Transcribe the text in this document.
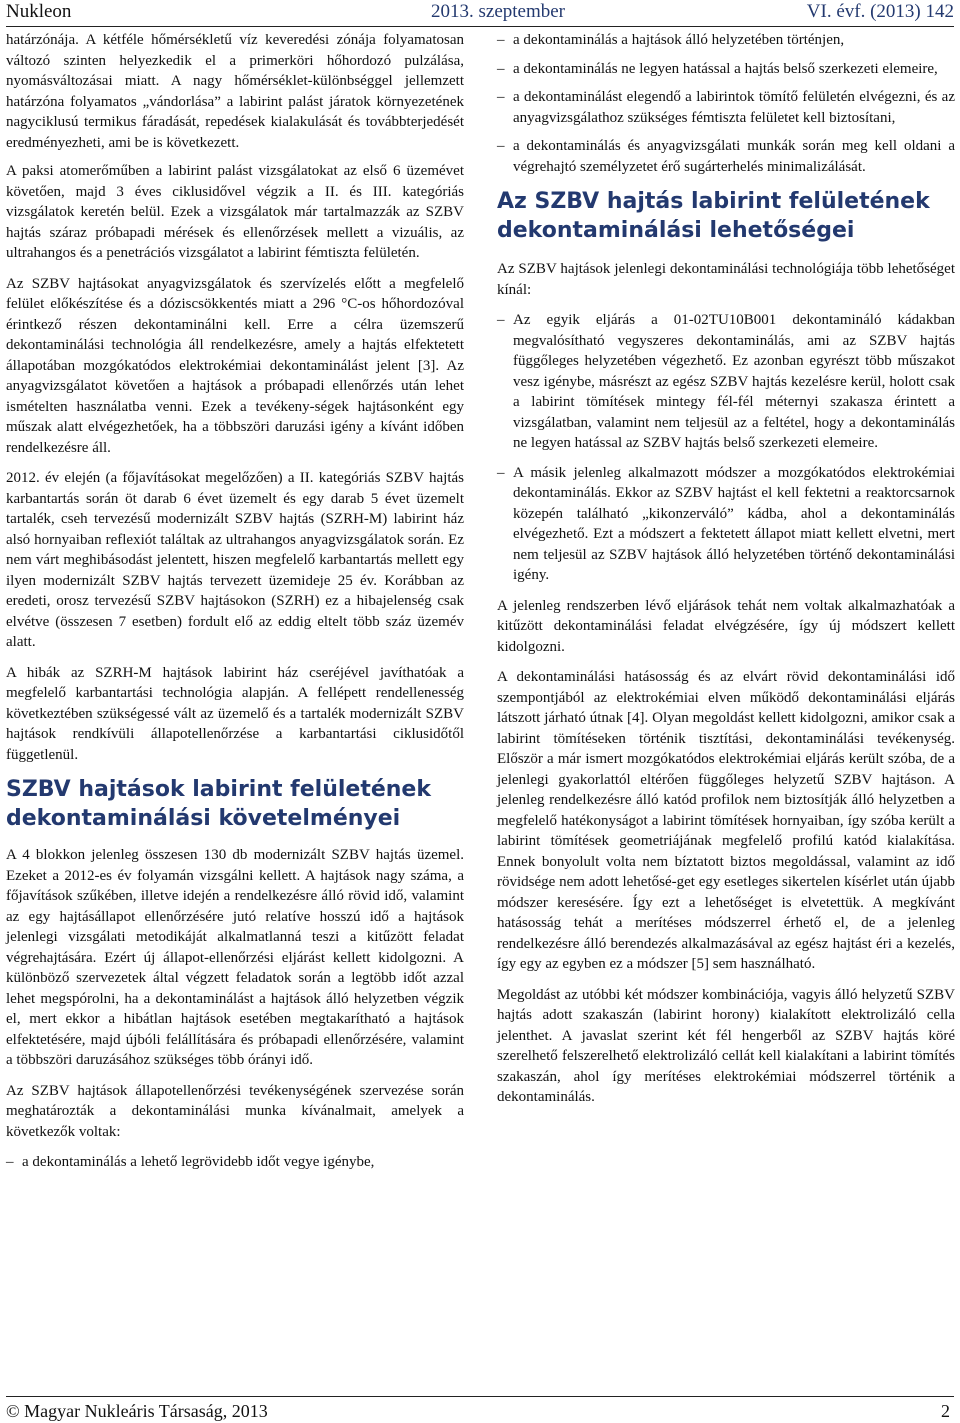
Nukleon	2013. szeptember	VI. évf. (2013) 142

határzónája. A kétféle hőmérsékletű víz keveredési zónája folyamatosan változó szinten helyezkedik el a primerköri hőhordozó pulzálása, nyomásváltozásai miatt. A nagy hőmérséklet-különbséggel jellemzett határzóna folyamatos „vándorlása” a labirint palást járatok környezetének nagyciklusú termikus fáradását, repedések kialakulását és továbbterjedését eredményezheti, ami be is következett.

A paksi atomerőműben a labirint palást vizsgálatokat az első 6 üzemévet követően, majd 3 éves ciklusidővel végzik a II. és III. kategóriás vizsgálatok keretén belül. Ezek a vizsgálatok már tartalmazzák az SZBV hajtás száraz próbapadi mérések és ellenőrzések mellett a vizuális, az ultrahangos és a penetrációs vizsgálatot a labirint fémtiszta felületén.

Az SZBV hajtásokat anyagvizsgálatok és szervízelés előtt a megfelelő felület előkészítése és a dóziscsökkentés miatt a 296 °C-os hőhordozóval érintkező részen dekontaminálni kell. Erre a célra üzemszerű dekontaminálási technológia áll rendelkezésre, amely a hajtás elfektetett állapotában mozgókatódos elektrokémiai dekontaminálást jelent [3]. Az anyagvizsgálatot követően a hajtások a próbapadi ellenőrzés után lehet ismételten használatba venni. Ezek a tevékeny-ségek hajtásonként egy műszak alatt elvégezhetőek, ha a többszöri daruzási igény a kívánt időben rendelkezésre áll.

2012. év elején (a főjavításokat megelőzően) a II. kategóriás SZBV hajtás karbantartás során öt darab 6 évet üzemelt és egy darab 5 évet üzemelt tartalék, cseh tervezésű modernizált SZBV hajtás (SZRH-M) labirint ház alsó hornyaiban reflexiót találtak az ultrahangos anyagvizsgálatok során. Ez nem várt meghibásodást jelentett, hiszen megfelelő karbantartás mellett egy ilyen modernizált SZBV hajtás tervezett üzemideje 25 év. Korábban az eredeti, orosz tervezésű SZBV hajtásokon (SZRH) ez a hibajelenség csak elvétve (összesen 7 esetben) fordult elő az eddig eltelt több száz üzemév alatt.

A hibák az SZRH-M hajtások labirint ház cseréjével javíthatóak a megfelelő karbantartási technológia alapján. A fellépett rendellenesség következtében szükségessé vált az üzemelő és a tartalék modernizált SZBV hajtások rendkívüli állapotellenőrzése a karbantartási ciklusidőtől függetlenül.

SZBV hajtások labirint felületének dekontaminálási követelményei

A 4 blokkon jelenleg összesen 130 db modernizált SZBV hajtás üzemel. Ezeket a 2012-es év folyamán vizsgálni kellett. A hajtások nagy száma, a főjavítások szűkében, illetve idején a rendelkezésre álló rövid idő, valamint az egy hajtásállapot ellenőrzésére jutó relatíve hosszú idő a hajtások jelenlegi vizsgálati metodikáját alkalmatlanná teszi a kitűzött feladat végrehajtására. Ezért új állapot-ellenőrzési eljárást kellett kidolgozni. A különböző szervezetek által végzett feladatok során a legtöbb időt azzal lehet megspórolni, ha a dekontaminálást a hajtások álló helyzetben végzik el, mert ekkor a hibátlan hajtások esetében megtakarítható a hajtások elfektetésére, majd újbóli felállítására és próbapadi ellenőrzésére, valamint a többszöri daruzásához szükséges több órányi idő.

Az SZBV hajtások állapotellenőrzési tevékenységének szervezése során meghatározták a dekontaminálási munka kívánalmait, amelyek a következők voltak:

– a dekontaminálás a lehető legrövidebb időt vegye igénybe,
– a dekontaminálás a hajtások álló helyzetében történjen,
– a dekontaminálás ne legyen hatással a hajtás belső szerkezeti elemeire,
– a dekontaminálást elegendő a labirintok tömítő felületén elvégezni, és az anyagvizsgálathoz szükséges fémtiszta felületet kell biztosítani,
– a dekontaminálás és anyagvizsgálati munkák során meg kell oldani a végrehajtó személyzetet érő sugárterhelés minimalizálását.
Az SZBV hajtás labirint felületének dekontaminálási lehetőségei

Az SZBV hajtások jelenlegi dekontaminálási technológiája több lehetőséget kínál:

– Az egyik eljárás a 01-02TU10B001 dekontamináló kádakban megvalósítható vegyszeres dekontaminálás, ami az SZBV hajtás függőleges helyzetében végezhető. Ez azonban egyrészt több műszakot vesz igénybe, másrészt az egész SZBV hajtás kezelésre kerül, holott csak a labirint tömítések mintegy fél-fél méternyi szakasza érintett a vizsgálatban, valamint nem teljesül az a feltétel, hogy a dekontaminálás ne legyen hatással az SZBV hajtás belső szerkezeti elemeire.
– A másik jelenleg alkalmazott módszer a mozgókatódos elektrokémiai dekontaminálás. Ekkor az SZBV hajtást el kell fektetni a reaktorcsarnok közepén található „kikonzerváló” kádba, ahol a dekontaminálás elvégezhető. Ezt a módszert a fektetett állapot miatt kellett elvetni, mert nem teljesül az SZBV hajtások álló helyzetében történő dekontaminálási igény.

A jelenleg rendszerben lévő eljárások tehát nem voltak alkalmazhatóak a kitűzött dekontaminálási feladat elvégzésére, így új módszert kellett kidolgozni.

A dekontaminálási hatásosság és az elvárt rövid dekontaminálási idő szempontjából az elektrokémiai elven működő dekontaminálási eljárás látszott járható útnak [4]. Olyan megoldást kellett kidolgozni, amikor csak a labirint tömítéseken történik tisztítási, dekontaminálási tevékenység. Először a már ismert mozgókatódos elektrokémiai eljárás került szóba, de a jelenlegi gyakorlattól eltérően függőleges helyzetű SZBV hajtáson. A jelenleg rendelkezésre álló katód profilok nem biztosítják álló helyzetben a megfelelő hatékonyságot a labirint tömítések hornyaiban, így szóba került a labirint tömítések geometriájának megfelelő profilú katód kialakítása. Ennek bonyolult volta nem bíztatott biztos megoldással, valamint az idő rövidsége nem adott lehetősé-get egy esetleges sikertelen kísérlet után újabb módszer keresésére. Így ezt a lehetőséget is elvetettük. A megkívánt hatásosság tehát a merítéses módszerrel érhető el, de a jelenleg rendelkezésre álló berendezés alkalmazásával az egész hajtást éri a kezelés, így egy az egyben ez a módszer [5] sem használható.

Megoldást az utóbbi két módszer kombinációja, vagyis álló helyzetű SZBV hajtás adott szakaszán (labirint horony) kialakított elektrolizáló cella jelenthet. A javaslat szerint két fél hengerből az SZBV hajtás köré szerelhető felszerelhető elektrolizáló cellát kell kialakítani a labirint tömítés szakaszán, ahol így merítéses elektrokémiai módszerrel történik a dekontaminálás.

© Magyar Nukleáris Társaság, 2013	2
